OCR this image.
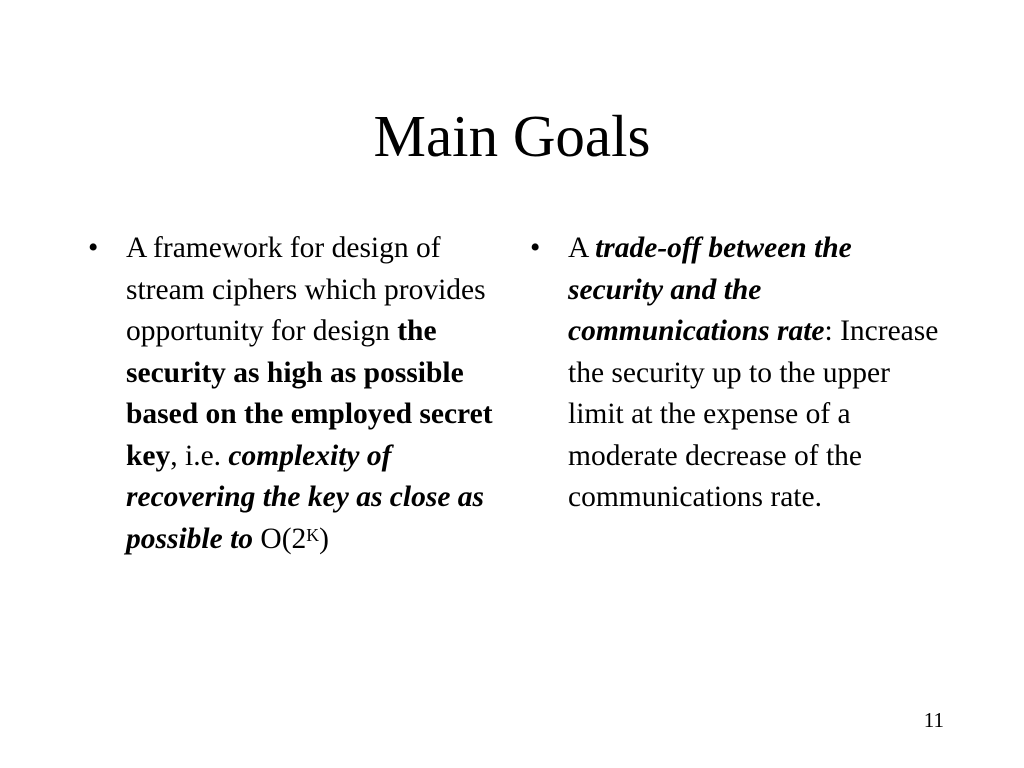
Main Goals
• A framework for design of stream ciphers which provides opportunity for design the security as high as possible based on the employed secret key, i.e. complexity of recovering the key as close as possible to $O(2^K)$
• A trade-off between the security and the communications rate: Increase the security up to the upper limit at the expense of a moderate decrease of the communications rate.
11
